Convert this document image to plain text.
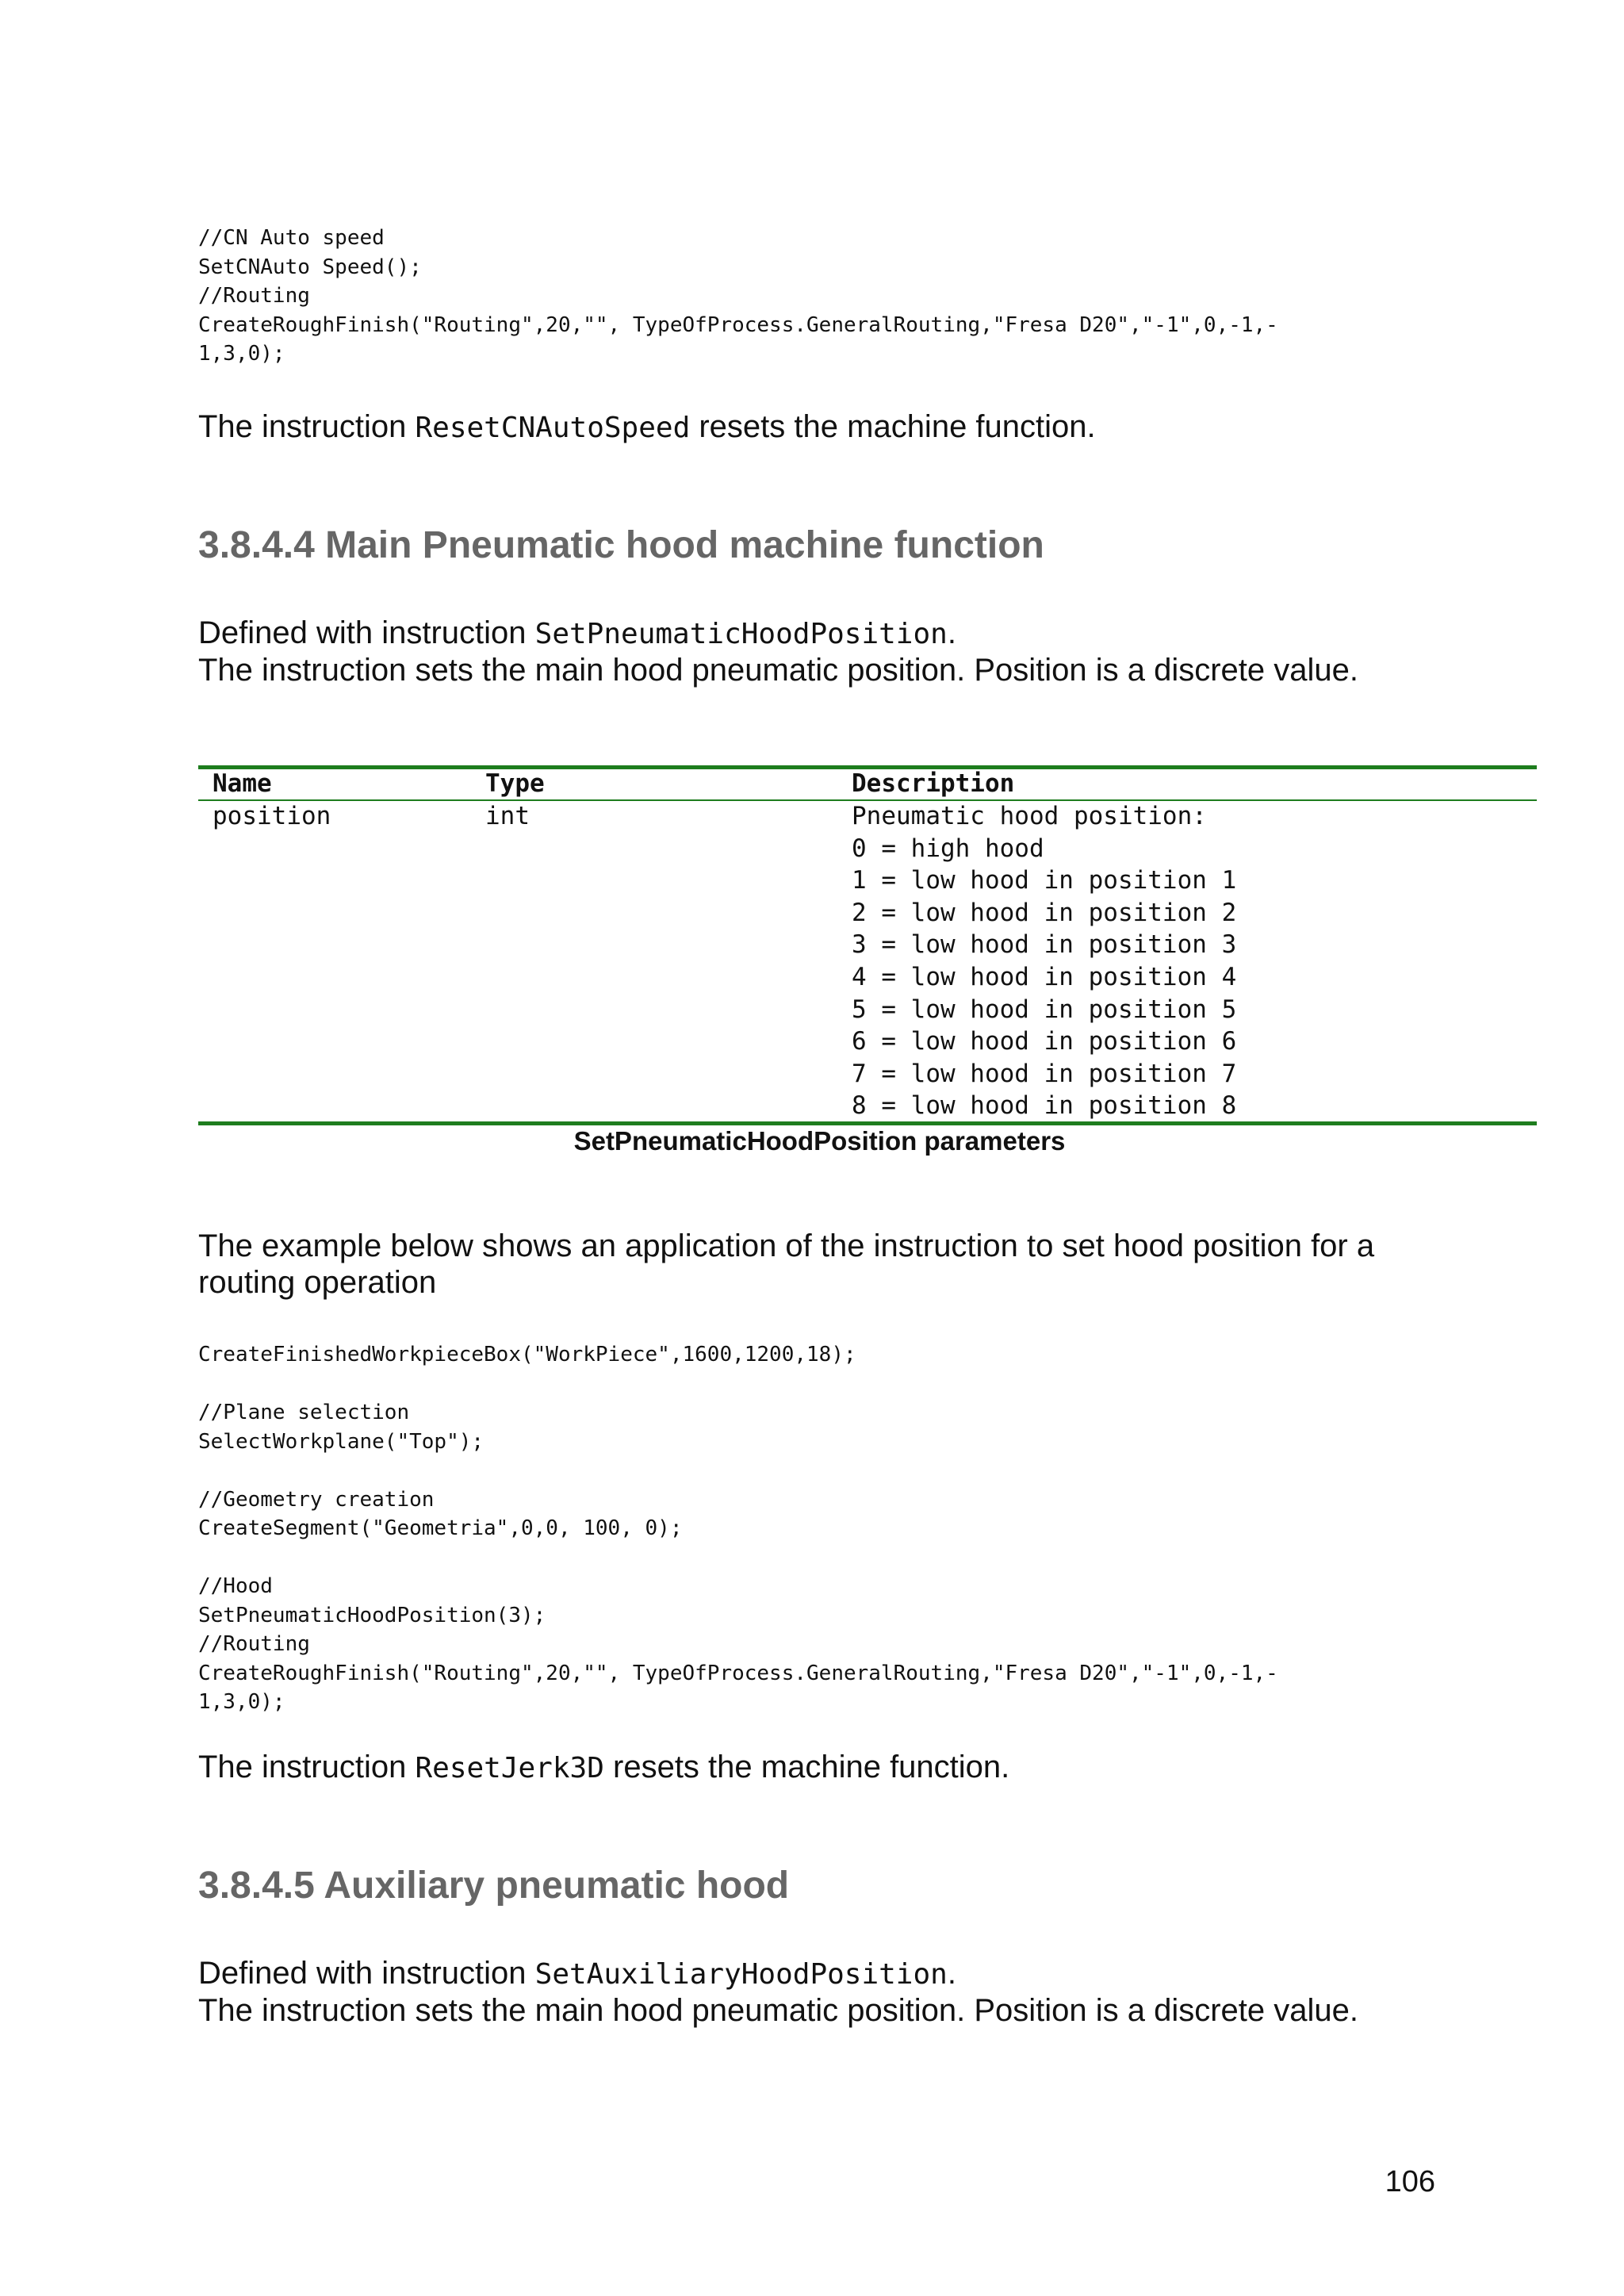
//CN Auto speed
SetCNAuto Speed();
//Routing
CreateRoughFinish("Routing",20,"", TypeOfProcess.GeneralRouting,"Fresa D20","-1",0,-1,-
1,3,0);

The instruction ResetCNAutoSpeed resets the machine function.

3.8.4.4 Main Pneumatic hood machine function

Defined with instruction SetPneumaticHoodPosition.

The instruction sets the main hood pneumatic position. Position is a discrete value.

Name	Type	Description
position	int	Pneumatic hood position:
0 = high hood
1 = low hood in position 1
2 = low hood in position 2
3 = low hood in position 3
4 = low hood in position 4
5 = low hood in position 5
6 = low hood in position 6
7 = low hood in position 7
8 = low hood in position 8

SetPneumaticHoodPosition parameters

The example below shows an application of the instruction to set hood position for a

routing operation

CreateFinishedWorkpieceBox("WorkPiece",1600,1200,18);

//Plane selection
SelectWorkplane("Top");

//Geometry creation
CreateSegment("Geometria",0,0, 100, 0);

//Hood
SetPneumaticHoodPosition(3);
//Routing
CreateRoughFinish("Routing",20,"", TypeOfProcess.GeneralRouting,"Fresa D20","-1",0,-1,-
1,3,0);

The instruction ResetJerk3D resets the machine function.

3.8.4.5 Auxiliary pneumatic hood

Defined with instruction SetAuxiliaryHoodPosition.

The instruction sets the main hood pneumatic position. Position is a discrete value.

106
